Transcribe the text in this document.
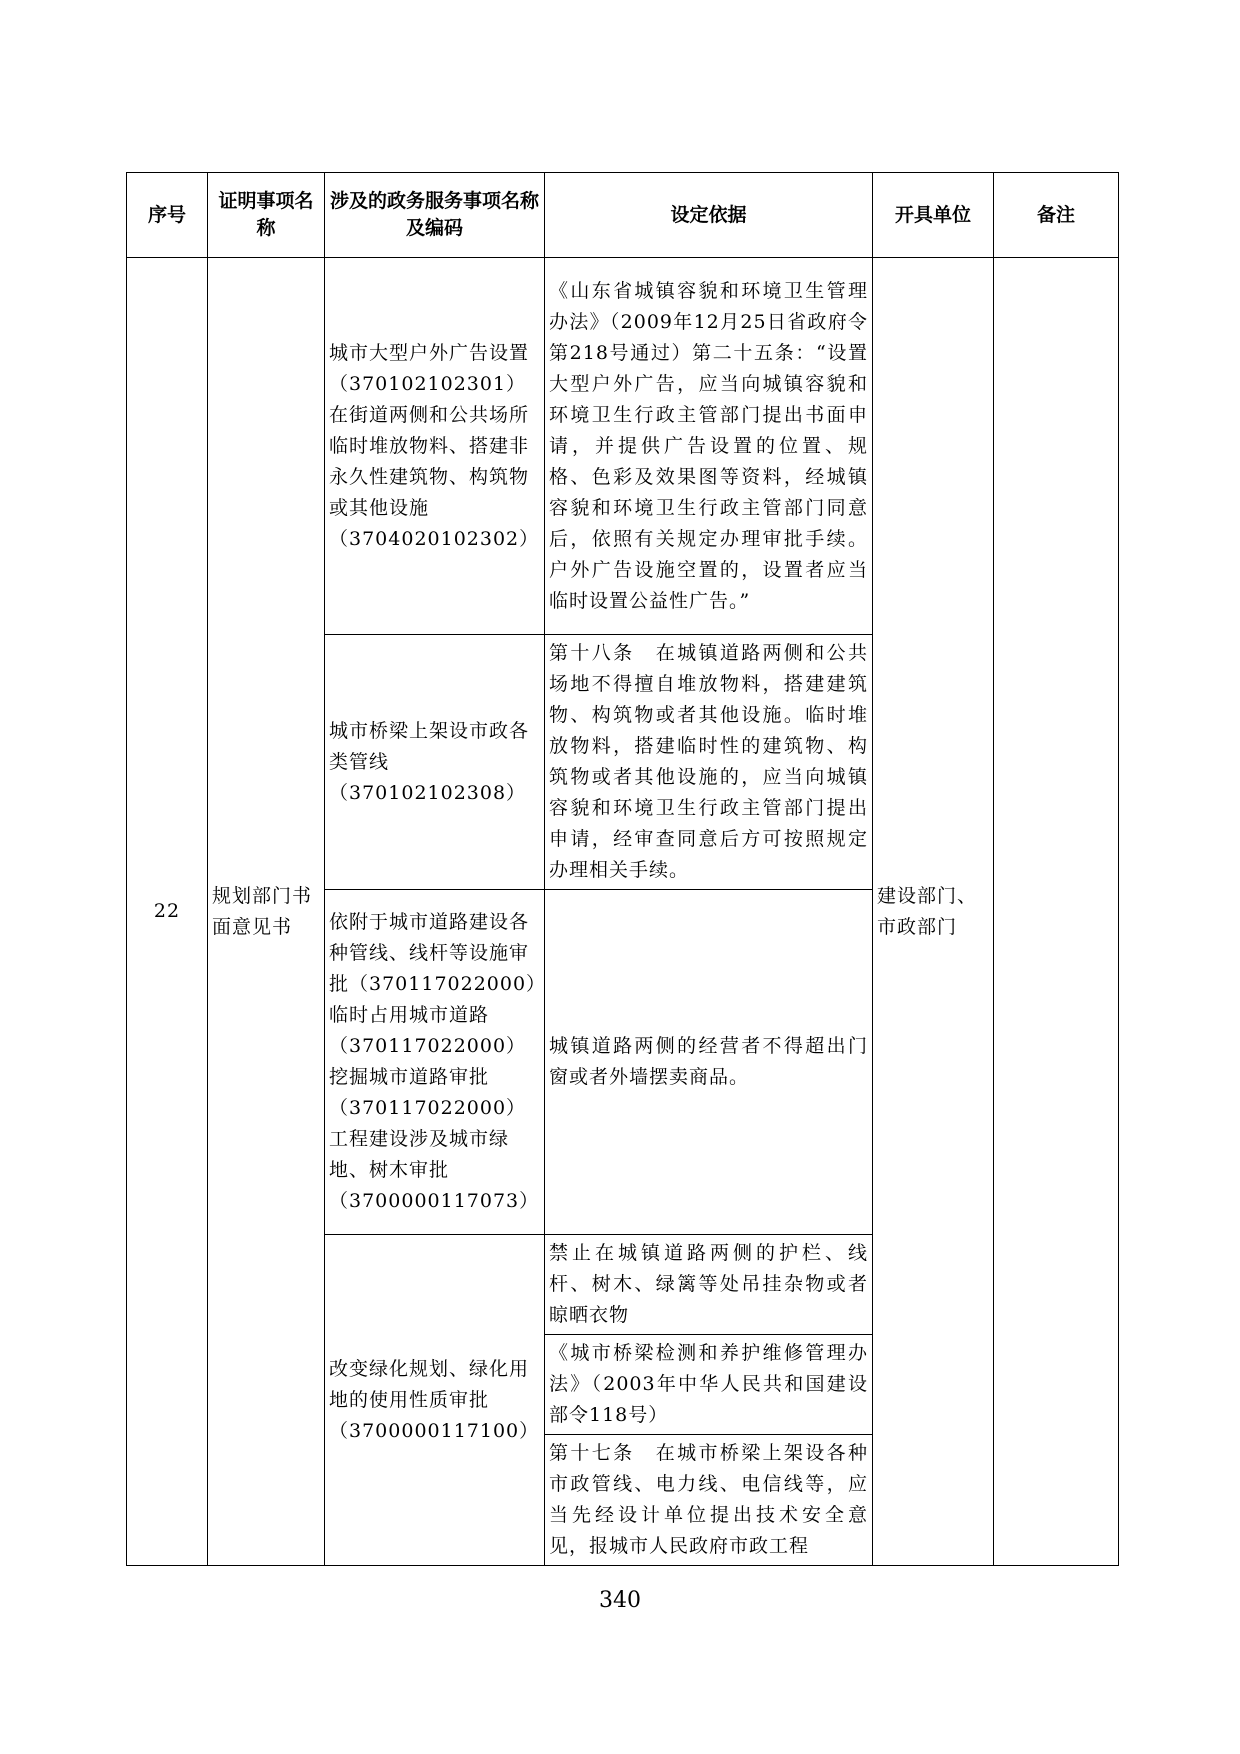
序号	证明事项名称	涉及的政务服务事项名称及编码	设定依据	开具单位	备注
22	规划部门书面意见书	城市大型户外广告设置（370102102301）在街道两侧和公共场所临时堆放物料、搭建非永久性建筑物、构筑物或其他设施（3704020102302）	《山东省城镇容貌和环境卫生管理办法》（2009年12月25日省政府令第218号通过）第二十五条：“设置大型户外广告，应当向城镇容貌和环境卫生行政主管部门提出书面申请，并提供广告设置的位置、规格、色彩及效果图等资料，经城镇容貌和环境卫生行政主管部门同意后，依照有关规定办理审批手续。户外广告设施空置的，设置者应当临时设置公益性广告。”	建设部门、市政部门	
		城市桥梁上架设市政各类管线（370102102308）	第十八条　在城镇道路两侧和公共场地不得擅自堆放物料，搭建建筑物、构筑物或者其他设施。临时堆放物料，搭建临时性的建筑物、构筑物或者其他设施的，应当向城镇容貌和环境卫生行政主管部门提出申请，经审查同意后方可按照规定办理相关手续。		
		依附于城市道路建设各种管线、线杆等设施审批（370117022000）临时占用城市道路（370117022000）挖掘城市道路审批（370117022000）工程建设涉及城市绿地、树木审批（3700000117073）	城镇道路两侧的经营者不得超出门窗或者外墙摆卖商品。		
		改变绿化规划、绿化用地的使用性质审批（3700000117100）	禁止在城镇道路两侧的护栏、线杆、树木、绿篱等处吊挂杂物或者晾晒衣物		
			《城市桥梁检测和养护维修管理办法》（2003年中华人民共和国建设部令118号）		
			第十七条　在城市桥梁上架设各种市政管线、电力线、电信线等，应当先经设计单位提出技术安全意见，报城市人民政府市政工程		
340
